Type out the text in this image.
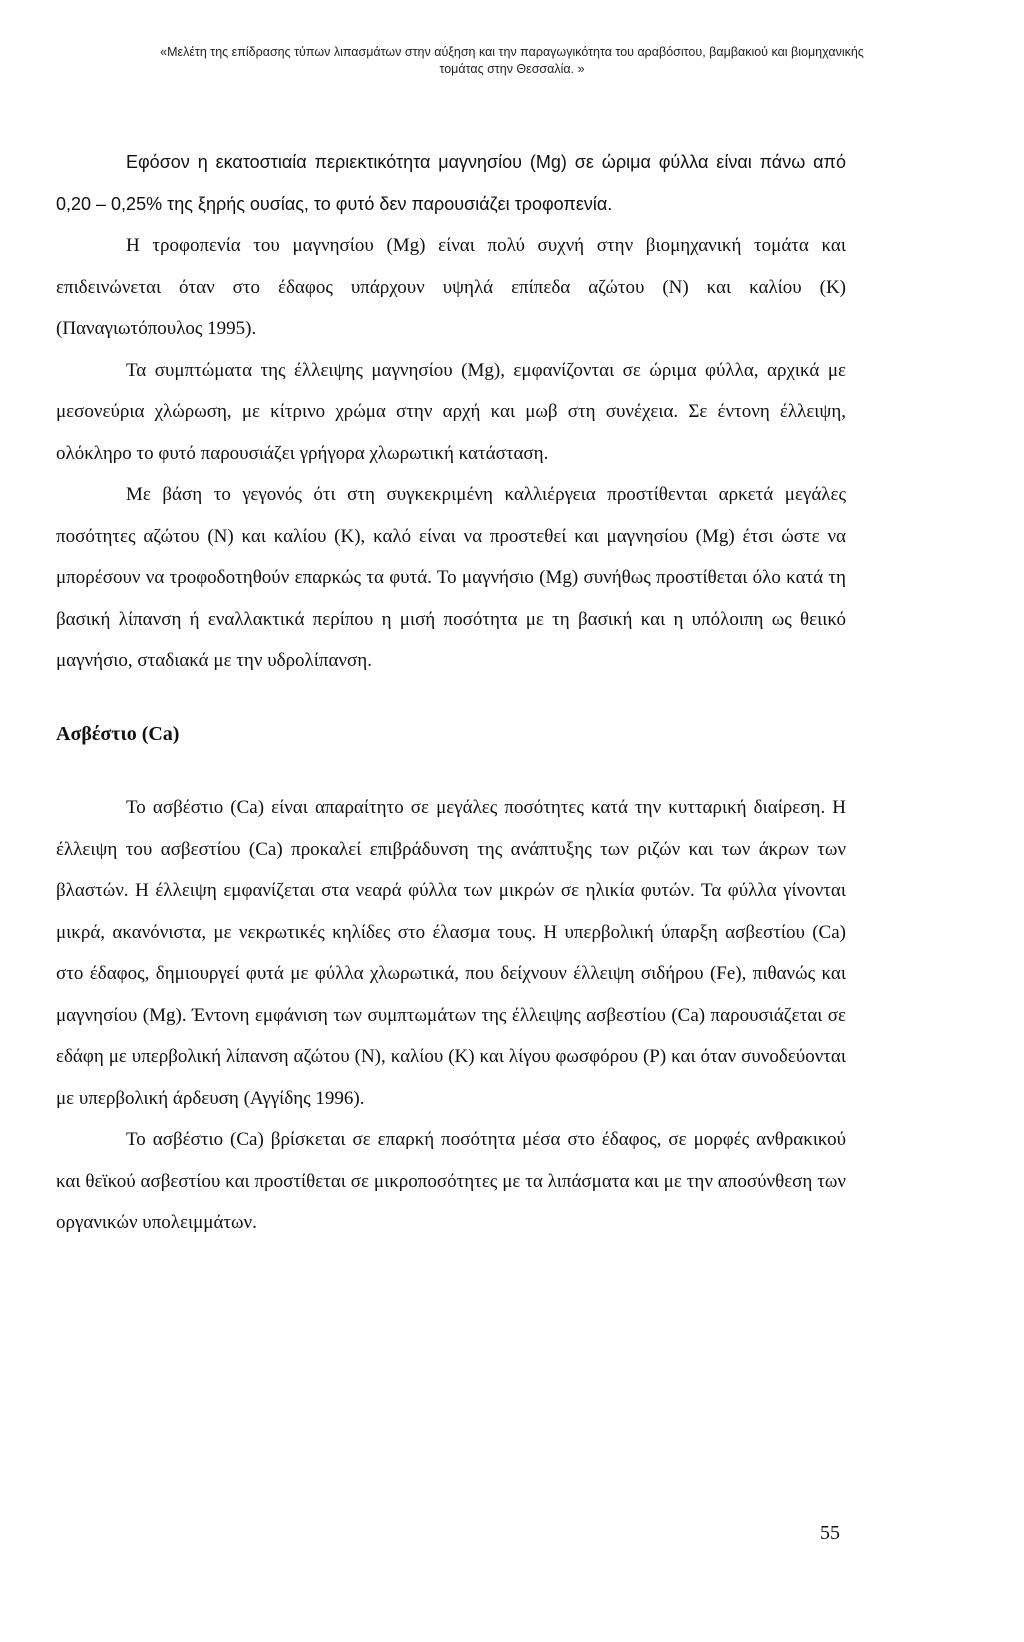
«Μελέτη της επίδρασης τύπων λιπασμάτων στην αύξηση και την παραγωγικότητα του αραβόσιτου, βαμβακιού και βιομηχανικής
τομάτας στην Θεσσαλία. »

Εφόσον η εκατοστιαία περιεκτικότητα μαγνησίου (Mg) σε ώριμα φύλλα είναι πάνω από 0,20 – 0,25% της ξηρής ουσίας, το φυτό δεν παρουσιάζει τροφοπενία.

Η τροφοπενία του μαγνησίου (Mg) είναι πολύ συχνή στην βιομηχανική τομάτα και επιδεινώνεται όταν στο έδαφος υπάρχουν υψηλά επίπεδα αζώτου (N) και καλίου (K) (Παναγιωτόπουλος 1995).

Τα συμπτώματα της έλλειψης μαγνησίου (Mg), εμφανίζονται σε ώριμα φύλλα, αρχικά με μεσονεύρια χλώρωση, με κίτρινο χρώμα στην αρχή και μωβ στη συνέχεια. Σε έντονη έλλειψη, ολόκληρο το φυτό παρουσιάζει γρήγορα χλωρωτική κατάσταση.

Με βάση το γεγονός ότι στη συγκεκριμένη καλλιέργεια προστίθενται αρκετά μεγάλες ποσότητες αζώτου (N) και καλίου (K), καλό είναι να προστεθεί και μαγνησίου (Mg) έτσι ώστε να μπορέσουν να τροφοδοτηθούν επαρκώς τα φυτά. Το μαγνήσιο (Mg) συνήθως προστίθεται όλο κατά τη βασική λίπανση ή εναλλακτικά περίπου η μισή ποσότητα με τη βασική και η υπόλοιπη ως θειικό μαγνήσιο, σταδιακά με την υδρολίπανση.

Ασβέστιο (Ca)

Το ασβέστιο (Ca) είναι απαραίτητο σε μεγάλες ποσότητες κατά την κυτταρική διαίρεση. Η έλλειψη του ασβεστίου (Ca) προκαλεί επιβράδυνση της ανάπτυξης των ριζών και των άκρων των βλαστών. Η έλλειψη εμφανίζεται στα νεαρά φύλλα των μικρών σε ηλικία φυτών. Τα φύλλα γίνονται μικρά, ακανόνιστα, με νεκρωτικές κηλίδες στο έλασμα τους. Η υπερβολική ύπαρξη ασβεστίου (Ca) στο έδαφος, δημιουργεί φυτά με φύλλα χλωρωτικά, που δείχνουν έλλειψη σιδήρου (Fe), πιθανώς και μαγνησίου (Mg). Έντονη εμφάνιση των συμπτωμάτων της έλλειψης ασβεστίου (Ca) παρουσιάζεται σε εδάφη με υπερβολική λίπανση αζώτου (N), καλίου (K) και λίγου φωσφόρου (P) και όταν συνοδεύονται με υπερβολική άρδευση (Αγγίδης 1996).

Το ασβέστιο (Ca) βρίσκεται σε επαρκή ποσότητα μέσα στο έδαφος, σε μορφές ανθρακικού και θεϊκού ασβεστίου και προστίθεται σε μικροποσότητες με τα λιπάσματα και με την αποσύνθεση των οργανικών υπολειμμάτων.

55
